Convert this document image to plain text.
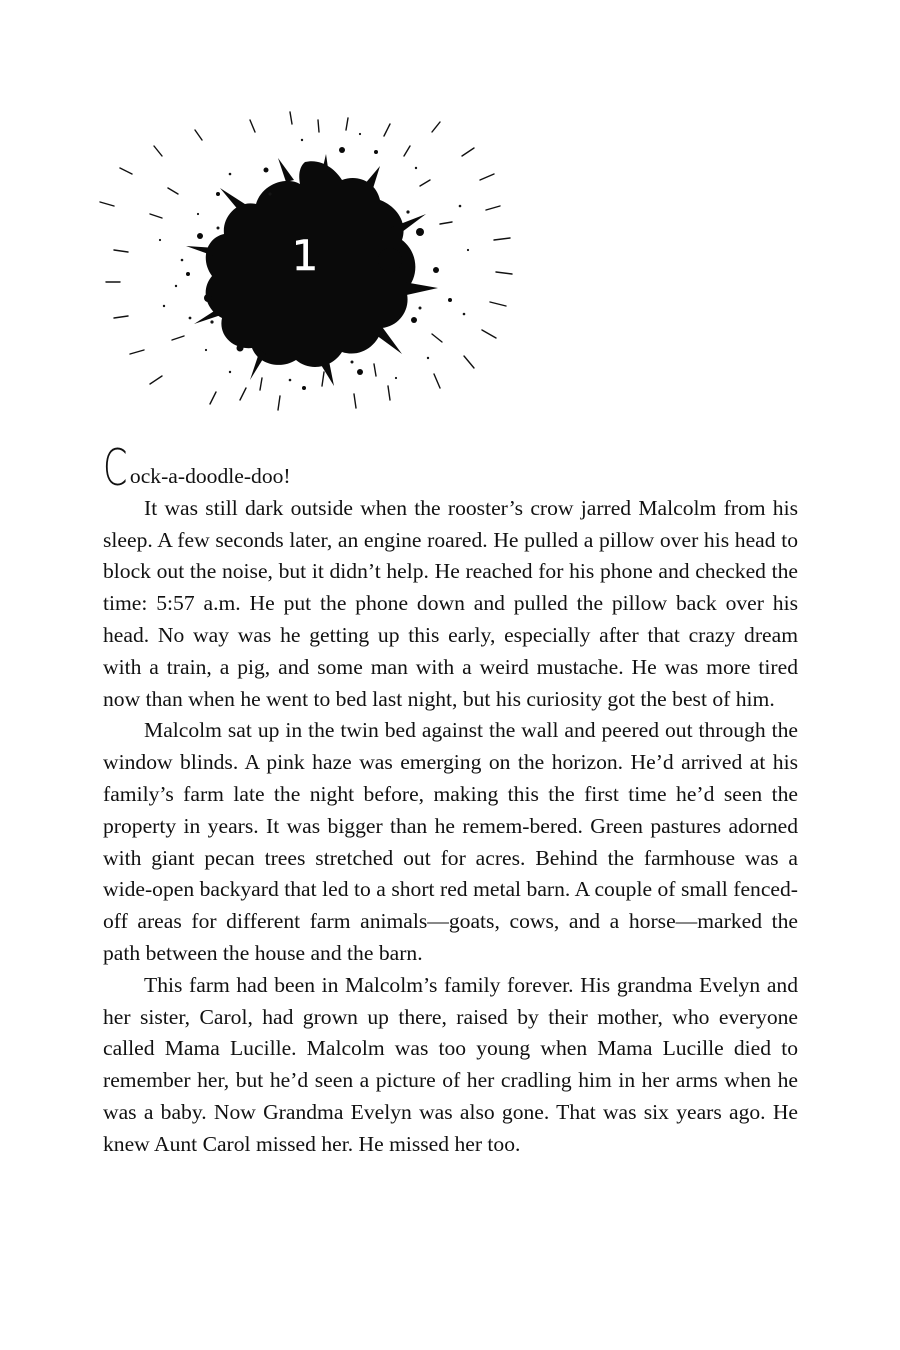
1

Cock-a-doodle-doo!

It was still dark outside when the rooster’s crow jarred Malcolm from his sleep. A few seconds later, an engine roared. He pulled a pillow over his head to block out the noise, but it didn’t help. He reached for his phone and checked the time: 5:57 a.m. He put the phone down and pulled the pillow back over his head. No way was he getting up this early, especially after that crazy dream with a train, a pig, and some man with a weird mustache. He was more tired now than when he went to bed last night, but his curiosity got the best of him.

Malcolm sat up in the twin bed against the wall and peered out through the window blinds. A pink haze was emerging on the horizon. He’d arrived at his family’s farm late the night before, making this the first time he’d seen the property in years. It was bigger than he remem-bered. Green pastures adorned with giant pecan trees stretched out for acres. Behind the farmhouse was a wide-open backyard that led to a short red metal barn. A couple of small fenced-off areas for different farm animals—goats, cows, and a horse—marked the path between the house and the barn.

This farm had been in Malcolm’s family forever. His grandma Evelyn and her sister, Carol, had grown up there, raised by their mother, who everyone called Mama Lucille. Malcolm was too young when Mama Lucille died to remember her, but he’d seen a picture of her cradling him in her arms when he was a baby. Now Grandma Evelyn was also gone. That was six years ago. He knew Aunt Carol missed her. He missed her too.
